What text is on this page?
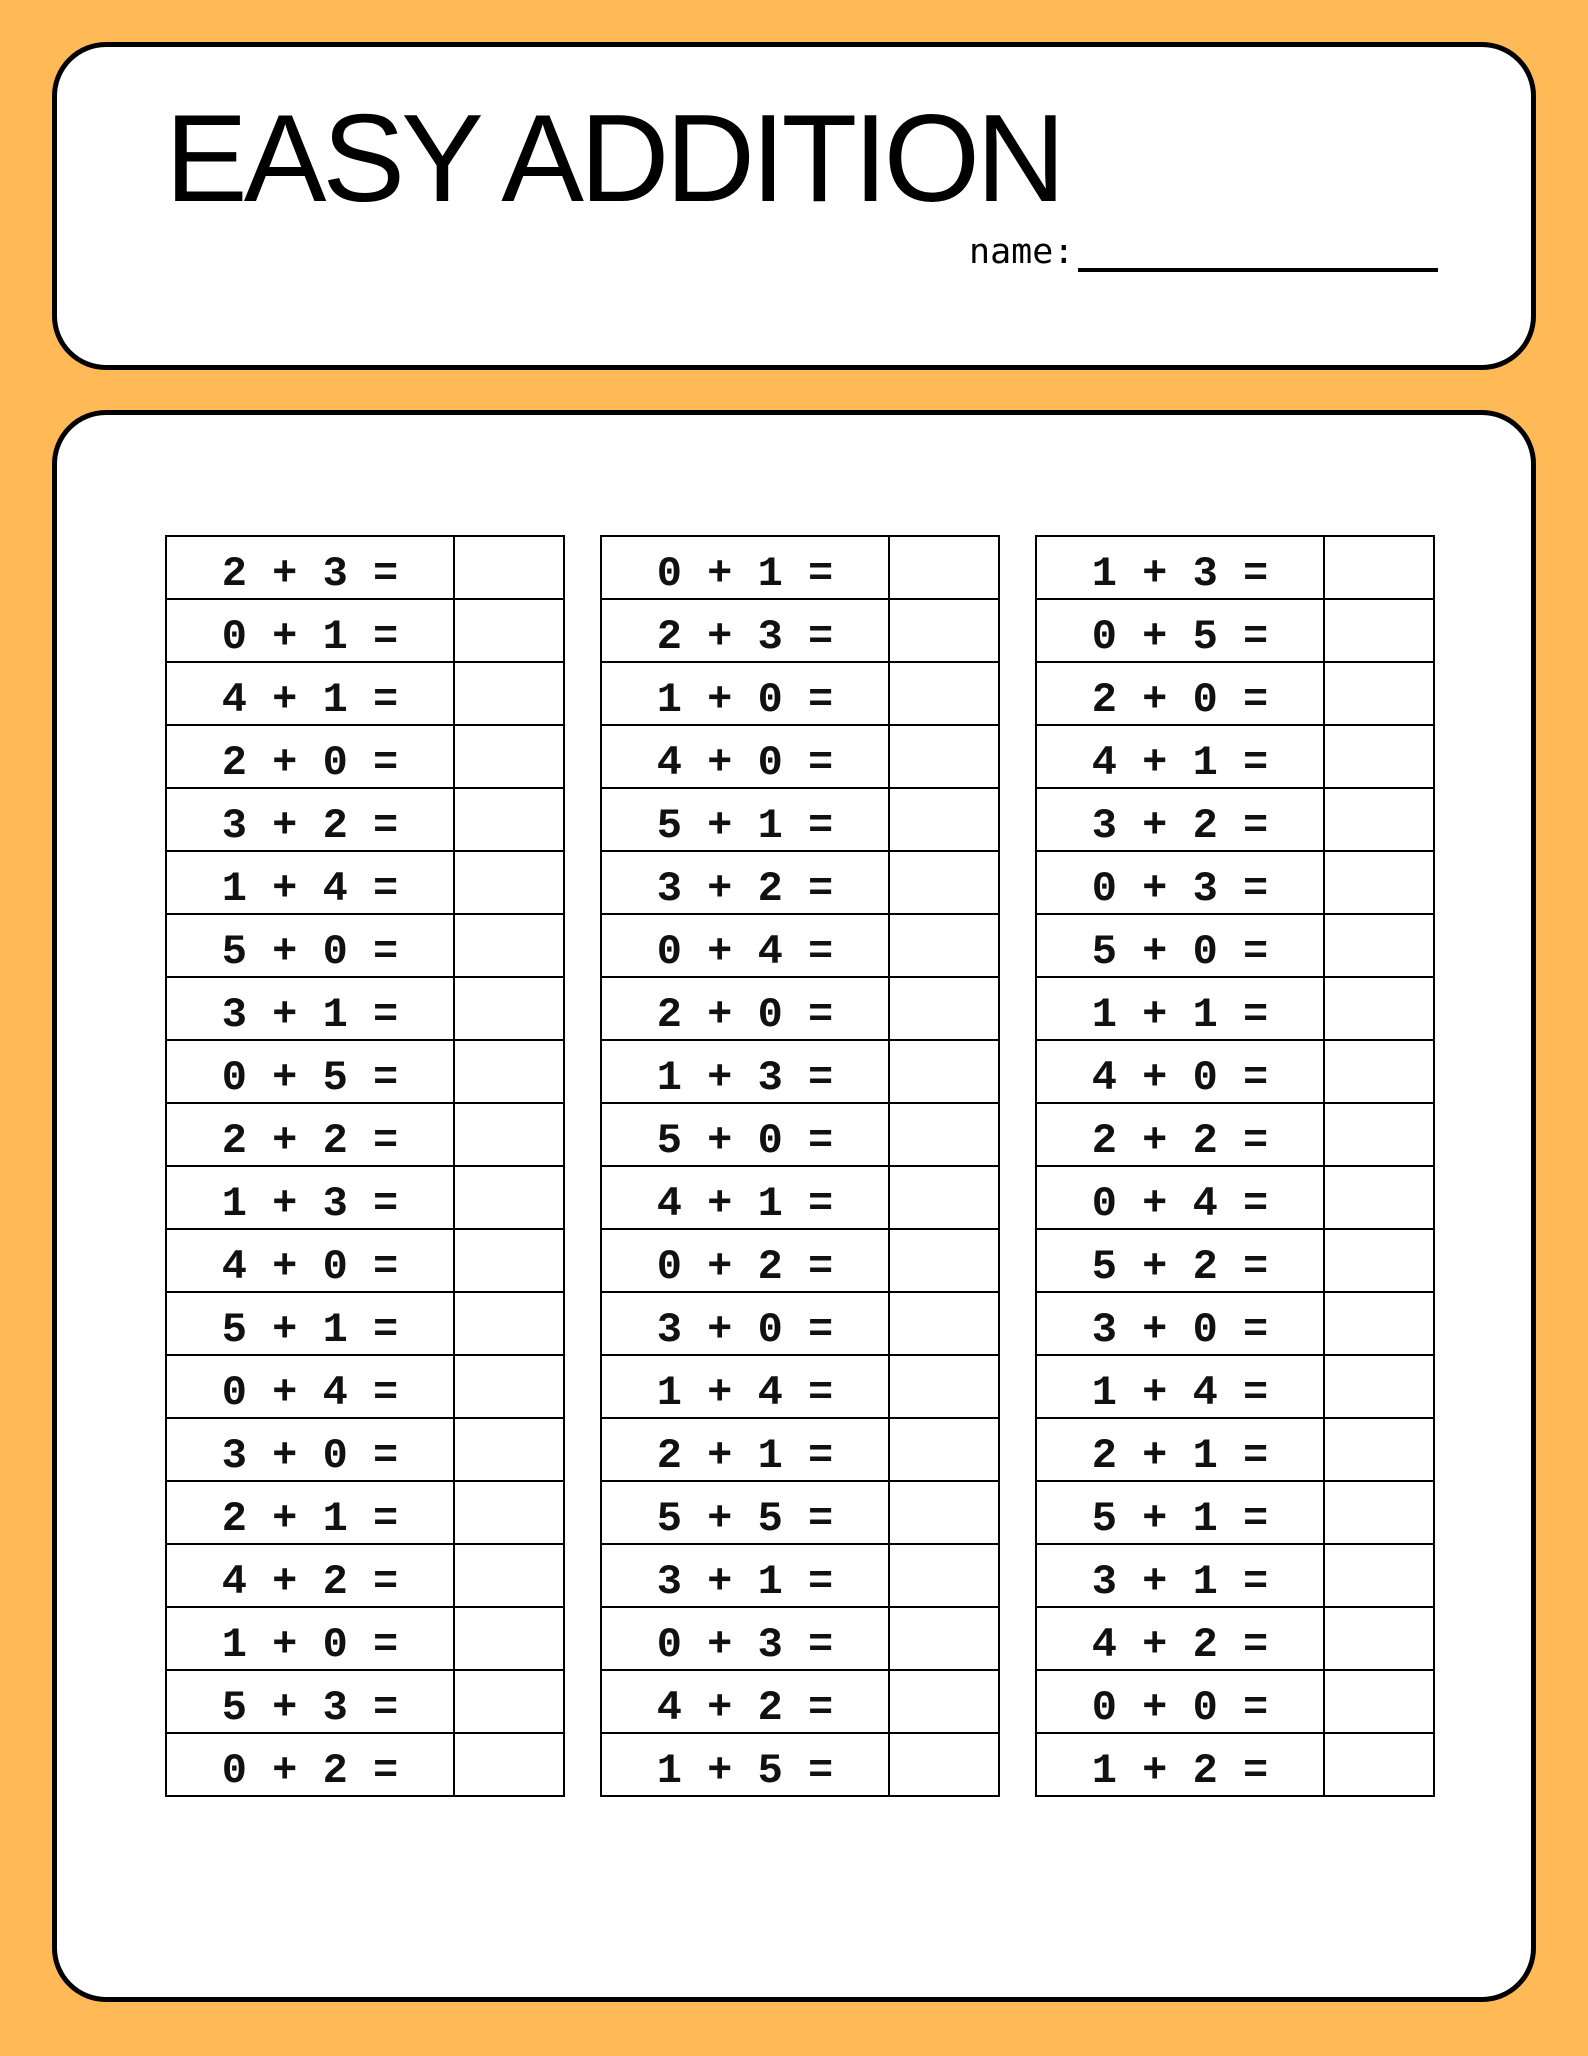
EASY ADDITION
name:
2 + 3 =	
0 + 1 =	
4 + 1 =	
2 + 0 =	
3 + 2 =	
1 + 4 =	
5 + 0 =	
3 + 1 =	
0 + 5 =	
2 + 2 =	
1 + 3 =	
4 + 0 =	
5 + 1 =	
0 + 4 =	
3 + 0 =	
2 + 1 =	
4 + 2 =	
1 + 0 =	
5 + 3 =	
0 + 2 =	
0 + 1 =	
2 + 3 =	
1 + 0 =	
4 + 0 =	
5 + 1 =	
3 + 2 =	
0 + 4 =	
2 + 0 =	
1 + 3 =	
5 + 0 =	
4 + 1 =	
0 + 2 =	
3 + 0 =	
1 + 4 =	
2 + 1 =	
5 + 5 =	
3 + 1 =	
0 + 3 =	
4 + 2 =	
1 + 5 =	
1 + 3 =	
0 + 5 =	
2 + 0 =	
4 + 1 =	
3 + 2 =	
0 + 3 =	
5 + 0 =	
1 + 1 =	
4 + 0 =	
2 + 2 =	
0 + 4 =	
5 + 2 =	
3 + 0 =	
1 + 4 =	
2 + 1 =	
5 + 1 =	
3 + 1 =	
4 + 2 =	
0 + 0 =	
1 + 2 =	
